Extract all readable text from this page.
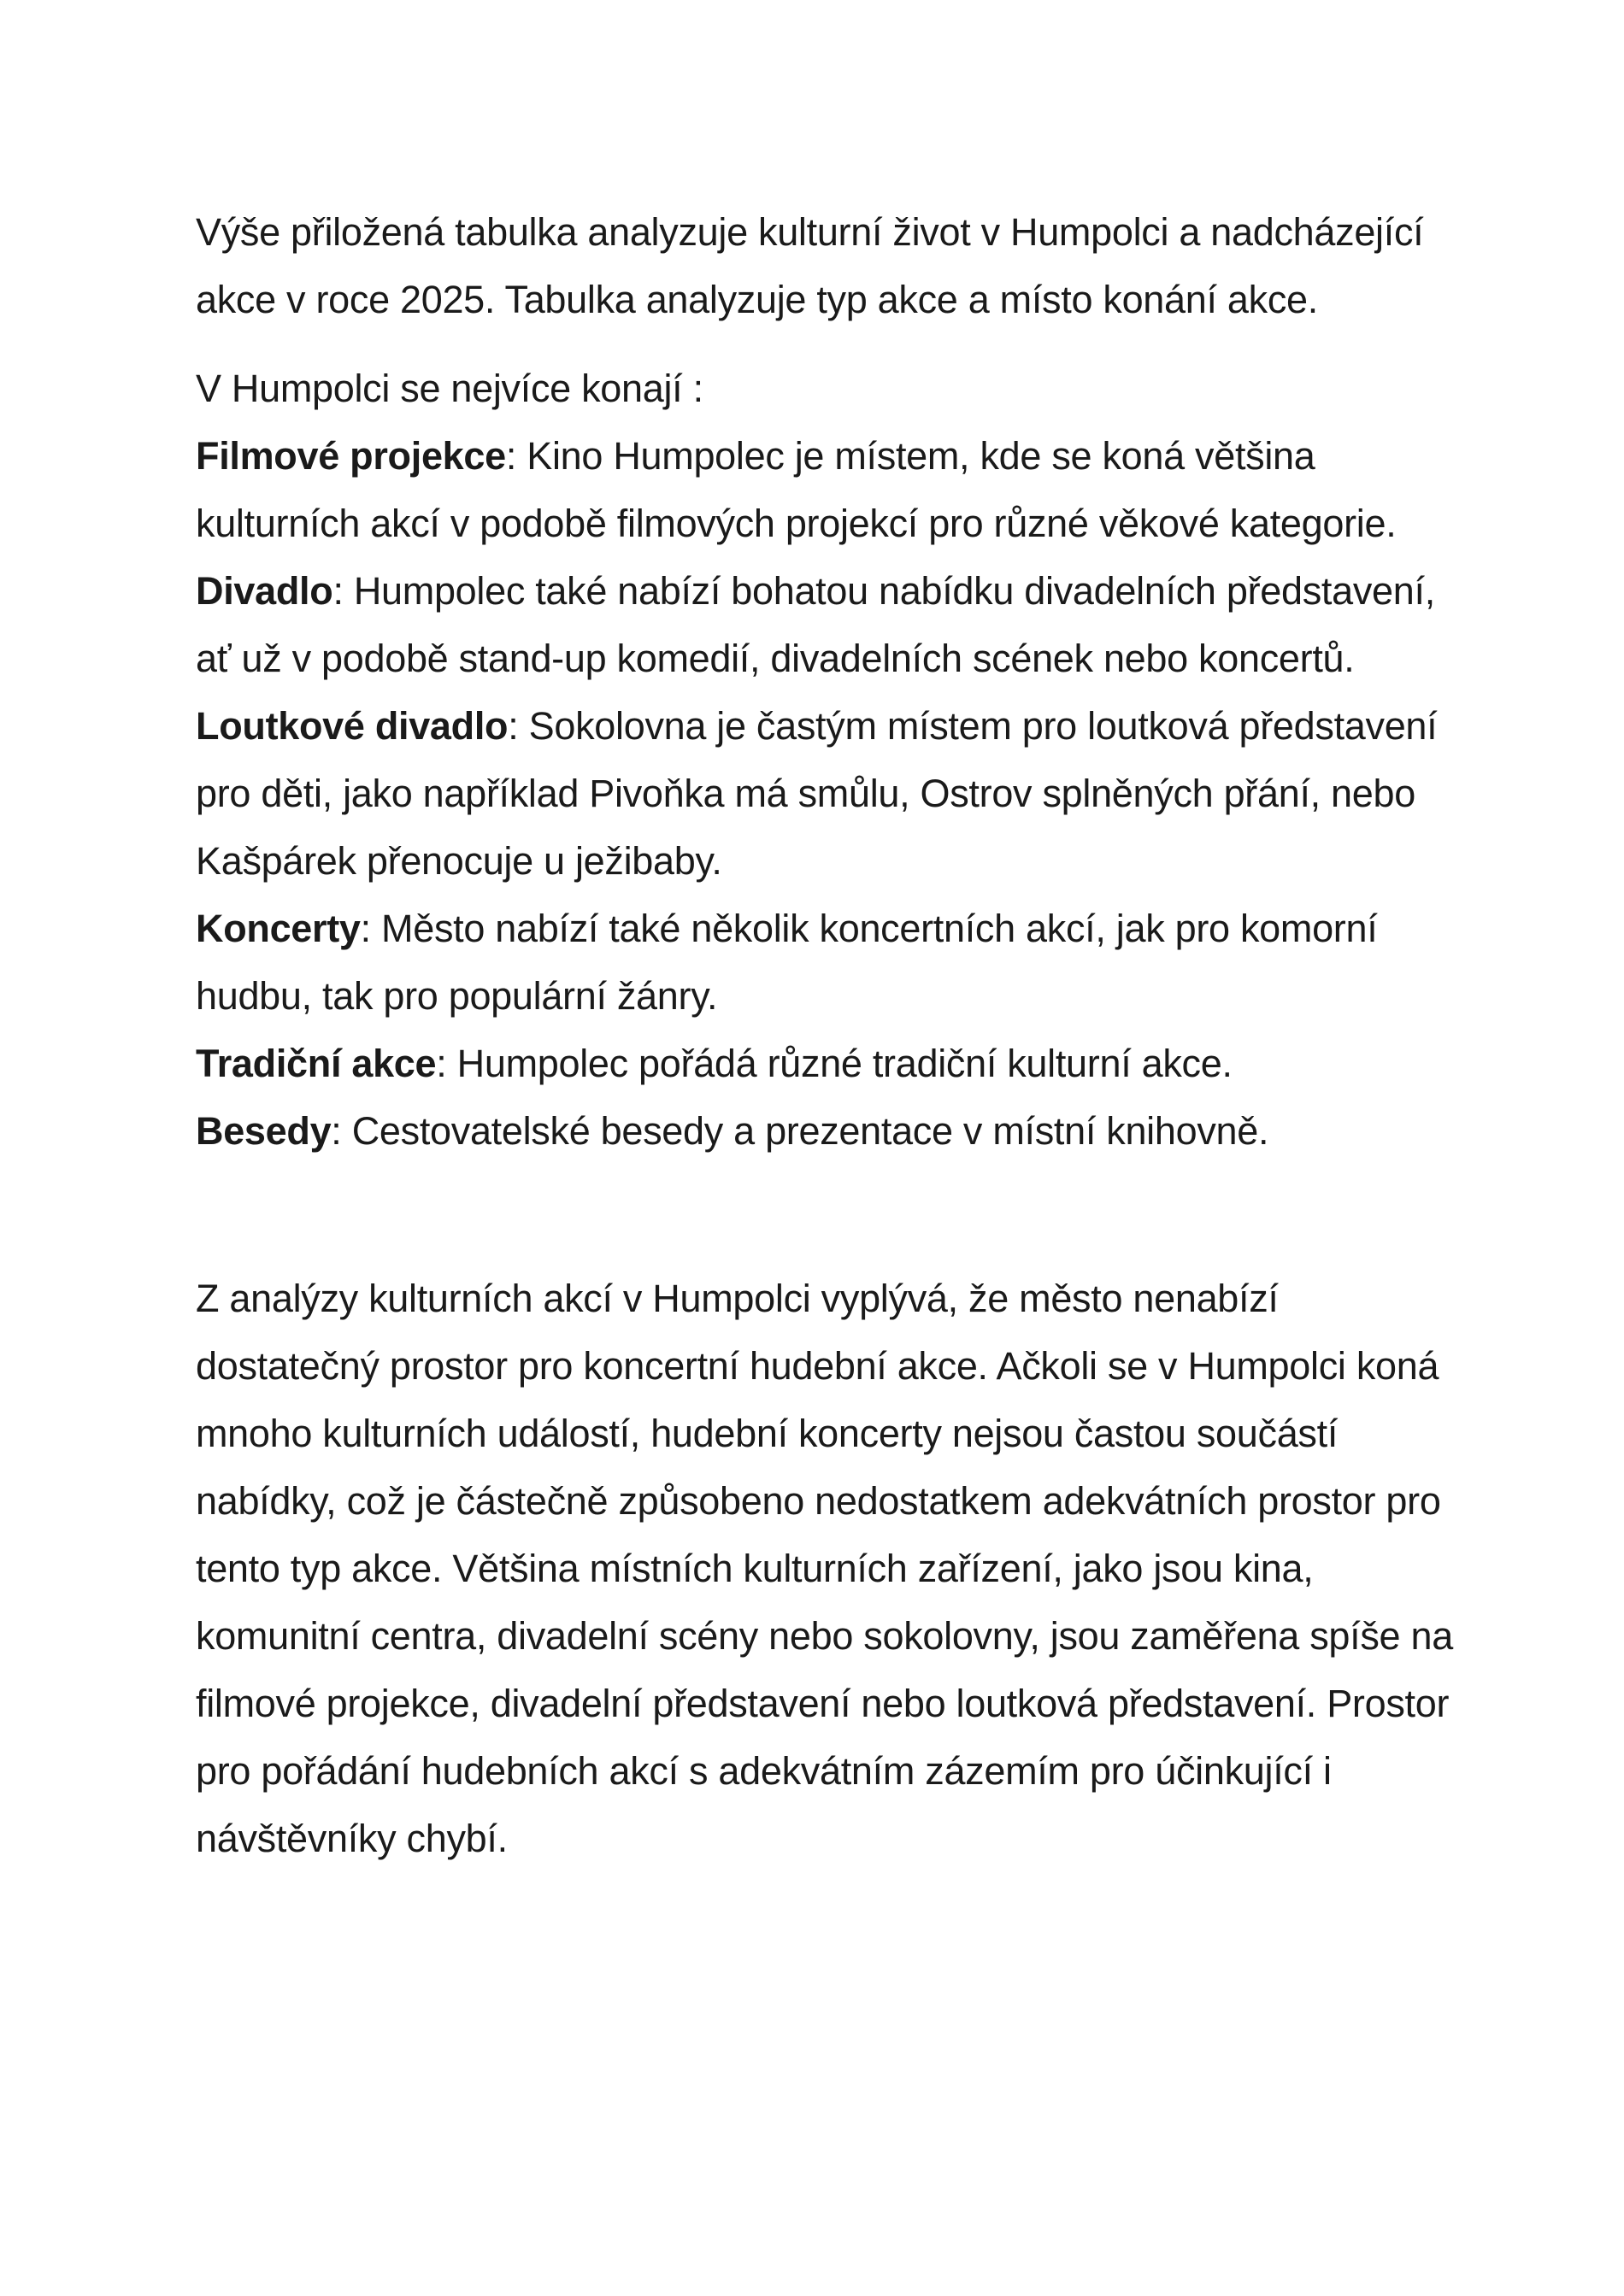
Výše přiložená tabulka analyzuje kulturní život v Humpolci a nadcházející akce v roce 2025. Tabulka analyzuje typ akce a místo konání akce.

V Humpolci se nejvíce konají :

Filmové projekce: Kino Humpolec je místem, kde se koná většina kulturních akcí v podobě filmových projekcí pro různé věkové kategorie.

Divadlo: Humpolec také nabízí bohatou nabídku divadelních představení, ať už v podobě stand-up komedií, divadelních scének nebo koncertů.

Loutkové divadlo: Sokolovna je častým místem pro loutková představení pro děti, jako například Pivoňka má smůlu, Ostrov splněných přání, nebo Kašpárek přenocuje u ježibaby.

Koncerty: Město nabízí také několik koncertních akcí, jak pro komorní hudbu, tak pro populární žánry.

Tradiční akce: Humpolec pořádá různé tradiční kulturní akce.

Besedy: Cestovatelské besedy a prezentace v místní knihovně.

Z analýzy kulturních akcí v Humpolci vyplývá, že město nenabízí dostatečný prostor pro koncertní hudební akce. Ačkoli se v Humpolci koná mnoho kulturních událostí, hudební koncerty nejsou častou součástí nabídky, což je částečně způsobeno nedostatkem adekvátních prostor pro tento typ akce. Většina místních kulturních zařízení, jako jsou kina, komunitní centra, divadelní scény nebo sokolovny, jsou zaměřena spíše na filmové projekce, divadelní představení nebo loutková představení. Prostor pro pořádání hudebních akcí s adekvátním zázemím pro účinkující i návštěvníky chybí.
